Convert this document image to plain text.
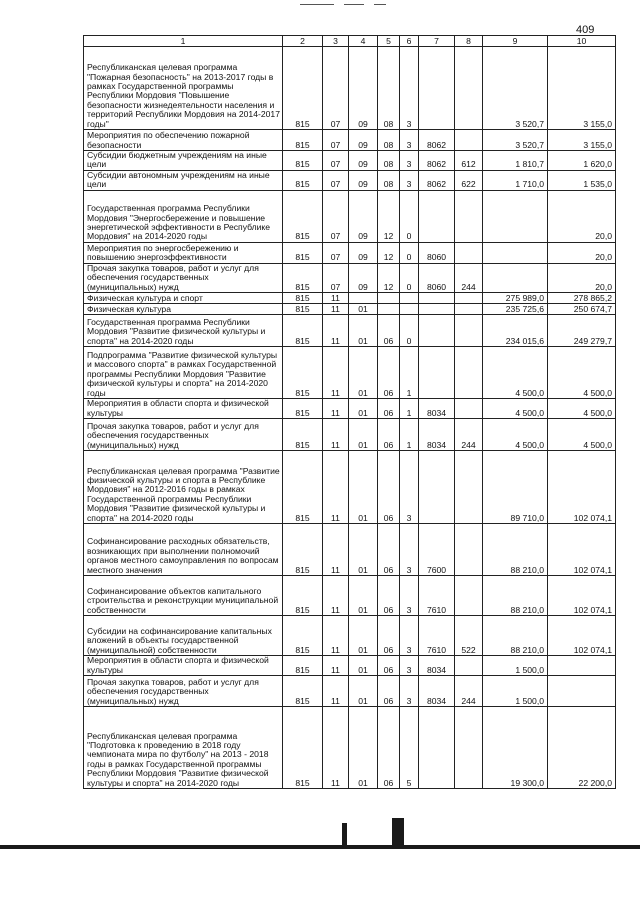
409
1	2	3	4	5	6	7	8	9	10
Республиканская целевая программа "Пожарная безопасность" на 2013-2017 годы в рамках Государственной программы Республики Мордовия "Повышение безопасности жизнедеятельности населения и территорий Республики Мордовия на 2014-2017 годы"	815	07	09	08	3			3 520,7	3 155,0
Мероприятия по обеспечению пожарной безопасности	815	07	09	08	3	8062		3 520,7	3 155,0
Субсидии бюджетным учреждениям на иные цели	815	07	09	08	3	8062	612	1 810,7	1 620,0
Субсидии автономным учреждениям на иные цели	815	07	09	08	3	8062	622	1 710,0	1 535,0
Государственная программа Республики Мордовия "Энергосбережение и повышение энергетической эффективности в Республике Мордовия" на 2014-2020 годы	815	07	09	12	0				20,0
Мероприятия по энергосбережению и повышению энергоэффективности	815	07	09	12	0	8060			20,0
Прочая закупка товаров, работ и услуг для обеспечения государственных (муниципальных) нужд	815	07	09	12	0	8060	244		20,0
Физическая культура и спорт	815	11						275 989,0	278 865,2
Физическая культура	815	11	01					235 725,6	250 674,7
Государственная программа Республики Мордовия "Развитие физической культуры и спорта" на 2014-2020 годы	815	11	01	06	0			234 015,6	249 279,7
Подпрограмма "Развитие физической культуры и массового спорта" в рамках Государственной программы Республики Мордовия "Развитие физической культуры и спорта" на 2014-2020 годы	815	11	01	06	1			4 500,0	4 500,0
Мероприятия в области спорта и физической культуры	815	11	01	06	1	8034		4 500,0	4 500,0
Прочая закупка товаров, работ и услуг для обеспечения государственных (муниципальных) нужд	815	11	01	06	1	8034	244	4 500,0	4 500,0
Республиканская целевая программа "Развитие физической культуры и спорта в Республике Мордовия" на 2012-2016 годы в рамках Государственной программы Республики Мордовия "Развитие физической культуры и спорта" на 2014-2020 годы	815	11	01	06	3			89 710,0	102 074,1
Софинансирование расходных обязательств, возникающих при выполнении полномочий органов местного самоуправления по вопросам местного значения	815	11	01	06	3	7600		88 210,0	102 074,1
Софинансирование объектов капитального строительства и реконструкции муниципальной собственности	815	11	01	06	3	7610		88 210,0	102 074,1
Субсидии на софинансирование капитальных вложений в объекты государственной (муниципальной) собственности	815	11	01	06	3	7610	522	88 210,0	102 074,1
Мероприятия в области спорта и физической культуры	815	11	01	06	3	8034		1 500,0	
Прочая закупка товаров, работ и услуг для обеспечения государственных (муниципальных) нужд	815	11	01	06	3	8034	244	1 500,0	
Республиканская целевая программа "Подготовка к проведению в 2018 году чемпионата мира по футболу" на 2013 - 2018 годы в рамках Государственной программы Республики Мордовия "Развитие физической культуры и спорта" на 2014-2020 годы	815	11	01	06	5			19 300,0	22 200,0
